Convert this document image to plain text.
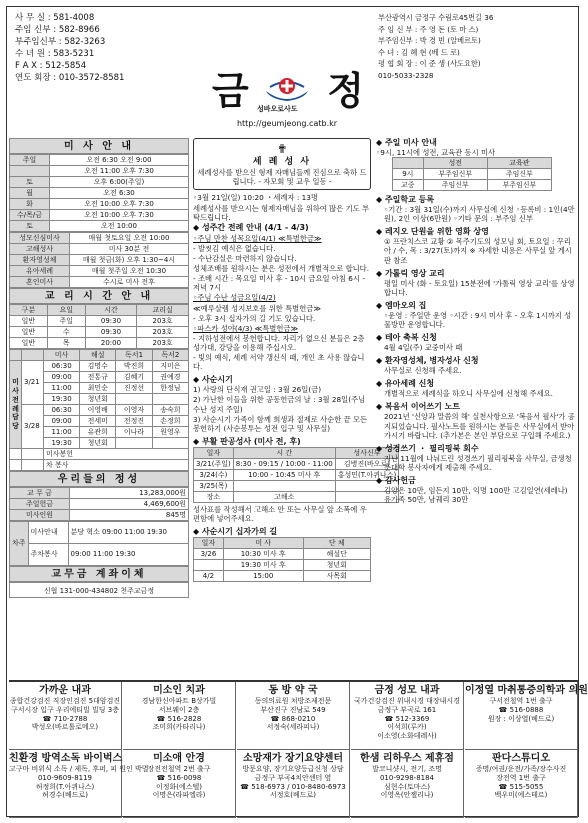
사 무 실 : 581-4008
주임 신부 : 582-8966
부주임신부 : 582-3263
수 녀 원 : 583-5231
F A X : 512-5854
연도 회장 : 010-3572-8581
부산광역시 금정구 수림로45번길 36
주 임 신 부 : 주 영 돈 (토 마 스)
부주임신부 : 박 경 빈 (알베르토)
수 녀 : 김 혜 현 (베 드 로)
평 협 회 장 : 이 준 생 (사도요한)
010-5033-2328
금 정
성바오로사도
http://geumjeong.catb.kr
미 사 안 내
주일	오전 6:30 오전 9:00
	오전 11:00 오후 7:30
토	오후 6:00(주일)
월	오전 6:30
화	오전 10:00 오후 7:30
수/목/금	오전 10:00 오후 7:30
토	오전 10:00
성모신심미사	매월 첫토요일 오전 10:00
고해성사	미사 30분 전
환자영성체	매월 첫금(화) 오후 1:30~4시
유아세례	매월 첫주일 오전 10:30
혼인미사	수시로 미사 전후
교 리 시 간 안 내
구분	요일	시간	교리실
일반	주일	09:30	203호
일반	수	09:30	203호
일반	목	20:00	203호
		미사	해설	독서1	독서2
미사전례담당	3/21	06:30	김명수	박진희	지미은
		09:00	전통규	김혜기	권예경
		11:00	최민순	진정선	한정님
		19:30	청년회		
	3/28	06:30	이영배	이영자	송숙희
		09:00	전세미	전정진	손정희
		11:00	유관희	이나라	원영우
		19:30	청년회		
		미사봉헌			
		차 봉사			
우리들의 정성
교 무 금	13,283,000원
주일헌금	4,469,600원
미사인원	845명
차주	미사안내	분당 혁소 09:00 11:00 19:30
	주차봉사	09:00 11:00 19:30
교무금 계좌이체
신협 131-000-434802 천주교금정
✟
세 례 성 사
세례성사를 받으신 형제 자매님들께 진심으로 축하 드립니다. - 자모회 및 교우 일동 -

◦3월 21일(일) 10:20 ・세례자 : 13명

세례성사를 받으시는 형제자매님을 위하여 많은 기도 부탁드립니다.

◆ 성주간 전례 안내 (4/1 - 4/3)

◦주님 만찬 성목요일(4/1) ≪특별한금≫

- 발씻김 예식은 없습니다.

- 수난감실은 마련하지 않습니다.

성체조배를 원하시는 분은 성전에서 개별적으로 합니다.

- 조배 시간 : 목요일 미사 후 - 10시 금요일 아침 6시 - 저녁 7시

◦주님 수난 성금요일(4/2)

≪예루살렘 성지보호를 위한 특별헌금≫

- 오후 3시 십자가의 길 기도 있습니다.

◦파스카 성야(4/3) ≪특별헌금≫

- 지하성전에서 봉헌합니다. 자리가 없으신 분들은 2층 성가대, 강당을 이용해 주십시오.

- 빛의 예식, 세례 서약 갱신식 때, 개인 초 사용 않습니다.

◆ 사순시기

1) 사랑의 단식재 권고일 : 3월 26일(금)

2) 가난한 이들을 위한 공동헌금의 날 : 3월 28일(주님 수난 성지 주일)

3) 사순시기 가족이 함께 희생과 절제로 사순한 끝 모든 봉헌하기 (사순봉투는 성전 입구 및 사무실)

◆ 부활 판공성사 (미사 전, 후)
일자	시 간	성사신부
3/21(주일)	8:30 - 09:15 / 10:00 - 11:00	김병진(바오로)
3/24(수)	10:00 - 10:45 미사 후	홍성민(T.아퀴나스)
3/25(목)		
장소	고해소	

성사표를 작성해서 고해소 안 또는 사무실 앞 소폭에 우편함에 넣어주세요.

◆ 사순시기 십자가의 길
일자	미 사	단 체
3/26	10:30 미사 후	해설단
	19:30 미사 후	청년회
4/2	15:00	사목회
◆ 주일 미사 안내

◦9시, 11시에 성전, 교육관 동시 미사

	성전	교육관
9시	부주임신부	주임신부
교중	주임신부	부주임신부
◆ 주일학교 등록

◦기간 : 3월 31일(수)까지 사무실에 신청 ◦등록비 : 1인(4만원), 2인 이상(6만원) ◦기타 문의 : 부주임 신부

◆ 레지오 단원을 위한 영화 상영

① 프란치스코 교황 ② 목주기도의 성모님 회, 토요일 : 꾸리아 / 수, 목 : 3/27(토)까지 ※ 자세한 내용은 사무실 앞 게시판 참조

◆ 가톨릭 영상 교리

평일 미사 (화 - 토요일) 15분전에 '가톨릭 영상 교리'를 상영합니다.

◆ 엠마오의 집

◦운영 : 주일만 운영 ◦시간 : 9시 미사 후 - 오후 1시까지 성물방만 운영합니다.

◆ 테아 축복 신청

4월 4일(주) 교중미사 때

◆ 환자영성체, 병자성사 신청

사무실로 신청해 주세요.

◆ 유아세례 신청

개별적으로 세례식을 하오니 사무실에 신청해 주세요.

◆ 복음서 이어쓰기 노트

2021년 '신앙과 말씀의 해' 실천사항으로 '복음서 필사'가 공지되었습니다. 필사노트를 원하시는 분들은 사무실에서 받아가시기 바랍니다. (추가본은 본인 부담으로 구입해 주세요.)

◆ 성경쓰기 ・ 필리핑북 회수

지난 11월에 나눠드린 성경쓰기 필리핑북을 사무실, 금생청춘대학 봉사자에게 제출해 주세요.

◆ 감사헌금

김양은 10만, 임든지 10만, 익명 100만 고김일연(세레나) 유가족 50만, 남궤리 30만

가까운 내과
종합건강검진 직장인검진 5대암검진
구서시장 입구 우리에티빌 빌딩 3층
☎ 710-2788
박성오(바르톨로메오)
미소인 치과
경남한신아파트 B상가빌
서브웨이 2층
☎ 516-2828
조미희(카타리나)
동 방 약 국
동의의료원 처방조제전문
부산진구 진남로 549
☎ 868-0210
서정숙(세라피나)
금정 성모 내과
국가건강검진 위내시경 대장내시경
금정구 부곡로 161
☎ 512-3369
이석희(루카)
이소영(소화데레사)
이정열 마취통증의학과 의원
구서전철역 1번 출구
☎ 516-0888
원장 : 이상열(베드로)
친환경 방역소독 바이벅스
고구마 비위식 소독 / 제독, 후퍼, 피 원인 박멸
010-9609-8119
허정희(T.아퀴나스)
허경수(베드로)
미소애 안경
장전전철역 2번 출구
☎ 516-0098
이정화(에스텔)
이명은(라파엘라)
소망재가 장기요양센터
방문요양, 장기요양등급신청 상담
금정구 부곡4치안센터 옆
☎ 518-6973 / 010-8480-6973
서정호(베드로)
한샘 리하우스 제휴점
발코니샷시, 전기, 조명
010-9298-8184
심현수(토마스)
이영옥(안젤리나)
판다스튜디오
증명/여권/운전/가족/장수사진
장전역 1번 출구
☎ 515-5055
백우미(에스테르)
